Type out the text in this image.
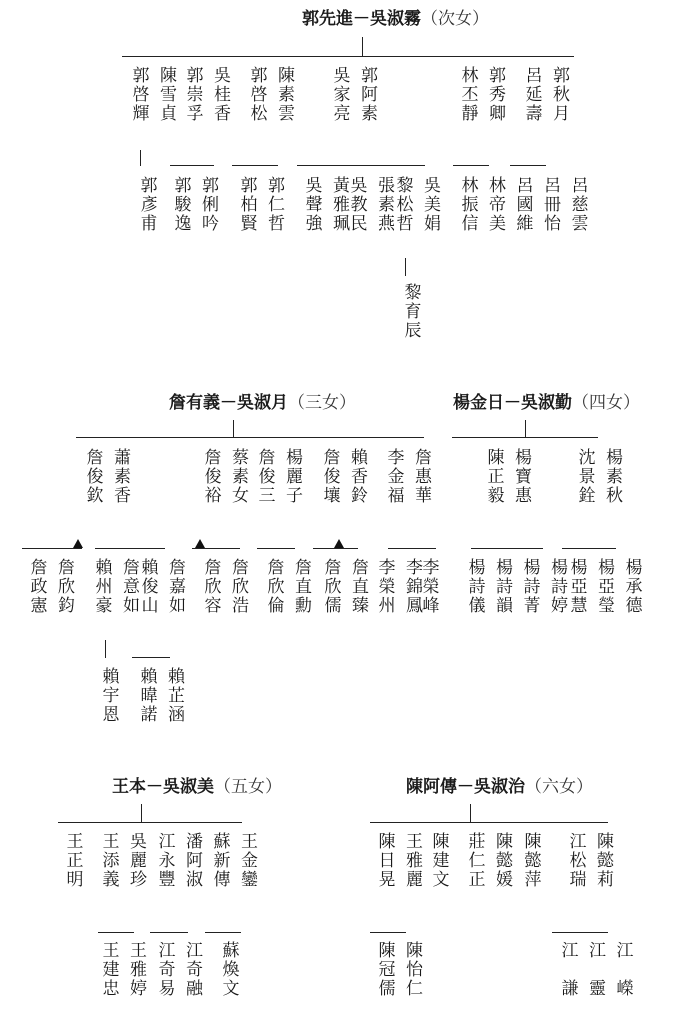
郭先進－吳淑霧（次女）
陳雪貞
郭啓輝	吳桂香
郭崇孚	陳素雲
郭啓松	郭阿素
吳家亮	郭秀卿
林丕靜	郭秋月
呂延壽
郭彥甫	郭俐吟
郭駿逸	郭仁哲
郭柏賢	黃雅珮
吳聲強	張素燕
吳教民	吳美娟
黎松哲	林帝美
林振信	呂慈雲
呂冊怡
呂國維
黎育辰
詹有義－吳淑月（三女）
蕭素香
詹俊欽	蔡素女
詹俊裕	楊麗子
詹俊三	賴香鈴
詹俊壤	詹惠華
李金福
詹欣鈞
詹政憲	詹意如
賴州豪	詹嘉如
賴俊山	詹欣浩
詹欣容	詹直勳
詹欣倫	詹直臻
詹欣儒	李錦鳳
李榮州	李榮峰
賴宇恩	賴芷涵
賴暐諾
楊金日－吳淑勤（四女）
楊寶惠
陳正毅	楊素秋
沈景銓
楊詩婷
楊詩菁
楊詩韻
楊詩儀	楊承德
楊亞瑩
楊亞慧
王本－吳淑美（五女）
王正明	吳麗珍
王添義	潘阿淑
江永豐	王金鑾
蘇新傳
王雅婷
王建忠	江奇融
江奇易	蘇煥文
陳阿傳－吳淑治（六女）
王雅麗
陳日晃	陳建文	陳懿媛
莊仁正	陳懿萍	陳懿莉
江松瑞
陳怡仁
陳冠儒	江　嶸
江　靈
江　謙
